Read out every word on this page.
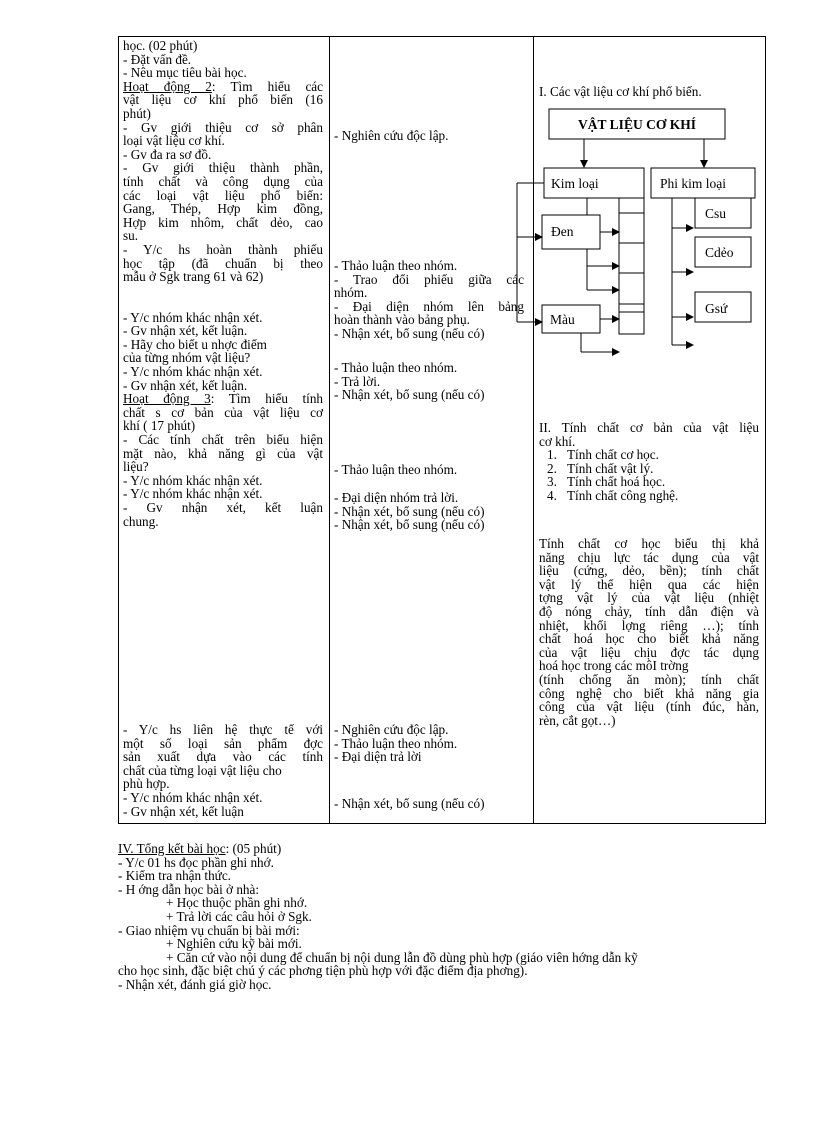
học. (02 phút)
- Đặt vấn đề.
- Nêu mục tiêu bài học.
Hoạt động 2: Tìm hiểu các
vật liệu cơ khí phổ biến (16
phút)
- Gv giới thiệu cơ sở phân
loại vật liệu cơ khí.
- Gv đa ra sơ đồ.
- Gv giới thiệu thành phần,
tính chất và công dụng của
các loại vật liệu phổ biến:
Gang, Thép, Hợp kim đồng,
Hợp kim nhôm, chất dẻo, cao
su.
- Y/c hs hoàn thành phiếu
học tập (đã chuẩn bị theo
mẫu ở Sgk trang 61 và 62)
- Y/c nhóm khác nhận xét.
- Gv nhận xét, kết luận.
- Hãy cho biết u nhợc điểm
của từng nhóm vật liệu?
- Y/c nhóm khác nhận xét.
- Gv nhận xét, kết luận.
Hoạt động 3: Tìm hiểu tính
chất s cơ bản của vật liệu cơ
khí ( 17 phút)
- Các tính chất trên biểu hiện
mặt nào, khả năng gì của vật
liệu?
- Y/c nhóm khác nhận xét.
- Y/c nhóm khác nhận xét.
- Gv nhận xét, kết luận
chung.
- Y/c hs liên hệ thực tế với
một số loại sản phẩm đợc
sản xuất dựa vào các tính
chất của từng loại vật liệu cho
phù hợp.
- Y/c nhóm khác nhận xét.
- Gv nhận xét, kết luận
- Nghiên cứu độc lập.
- Thảo luận theo nhóm.
- Trao đổi phiếu giữa các
nhóm.
- Đại diện nhóm lên bảng
hoàn thành vào bảng phụ.
- Nhận xét, bổ sung (nếu có)
- Thảo luận theo nhóm.
- Trả lời.
- Nhận xét, bổ sung (nếu có)
- Thảo luận theo nhóm.
- Đại diện nhóm trả lời.
- Nhận xét, bổ sung (nếu có)
- Nhận xét, bổ sung (nếu có)
- Nghiên cứu độc lập.
- Thảo luận theo nhóm.
- Đại diện trả lời
- Nhận xét, bổ sung (nếu có)
I. Các vật liệu cơ khí phổ biến.
VẬT LIỆU CƠ KHÍ
Kim loại	Phi kim loại
Đen
Màu
Csu
Cdẻo
Gsứ
II. Tính chất cơ bản của vật liệu
cơ khí.
1. Tính chất cơ học.
2. Tính chất vật lý.
3. Tính chất hoá học.
4. Tính chất công nghệ.
Tính chất cơ học biểu thị khả
năng chịu lực tác dụng của vật
liệu (cứng, dẻo, bền); tính chất
vật lý thể hiện qua các hiện
tợng vật lý của vật liệu (nhiệt
độ nóng chảy, tính dẫn điện và
nhiệt, khối lợng riêng …); tính
chất hoá học cho biết khả năng
của vật liệu chịu đợc tác dụng
hoá học trong các môI trờng
(tính chống ăn mòn); tính chất
công nghệ cho biết khả năng gia
công của vật liệu (tính đúc, hàn,
rèn, cắt gọt…)
IV. Tổng kết bài học: (05 phút)
- Y/c 01 hs đọc phần ghi nhớ.
- Kiểm tra nhận thức.
- H ớng dẫn học bài ở nhà:
+ Học thuộc phần ghi nhớ.
+ Trả lời các câu hỏi ở Sgk.
- Giao nhiệm vụ chuẩn bị bài mới:
+ Nghiên cứu kỹ bài mới.
+ Căn cứ vào nội dung để chuẩn bị nội dung lẫn đồ dùng phù hợp (giáo viên hớng dẫn kỹ
cho học sinh, đặc biệt chú ý các phơng tiện phù hợp với đặc điểm địa phơng).
- Nhận xét, đánh giá giờ học.
